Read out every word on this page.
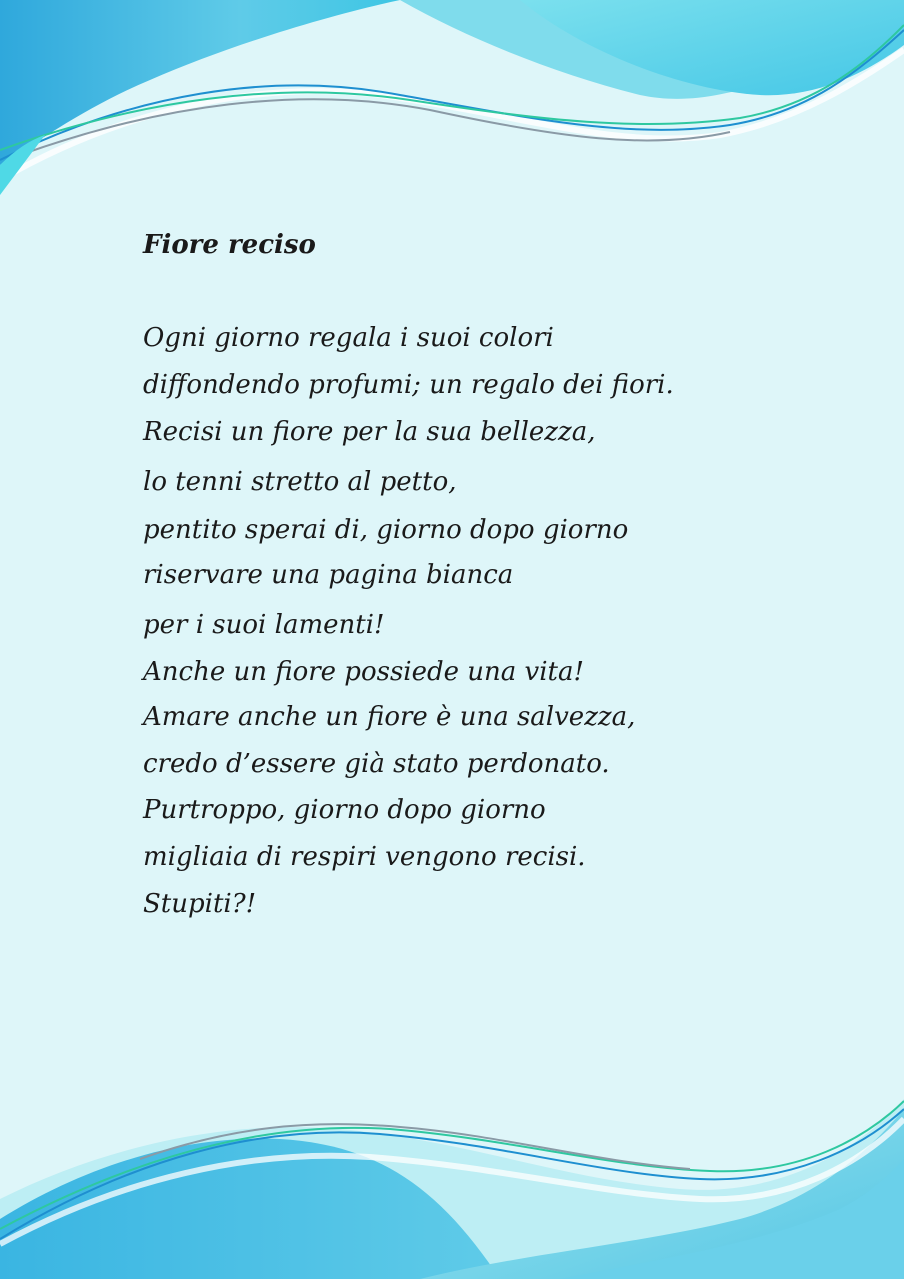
Fiore reciso
Ogni giorno regala i suoi colori
diffondendo profumi; un regalo dei fiori.
Recisi un fiore per la sua bellezza,
lo tenni stretto al petto,
pentito sperai di, giorno dopo giorno
riservare una pagina bianca
per i suoi lamenti!
Anche un fiore possiede una vita!
Amare anche un fiore è una salvezza,
credo d’essere già stato perdonato.
Purtroppo, giorno dopo giorno
migliaia di respiri vengono recisi.
Stupiti?!
